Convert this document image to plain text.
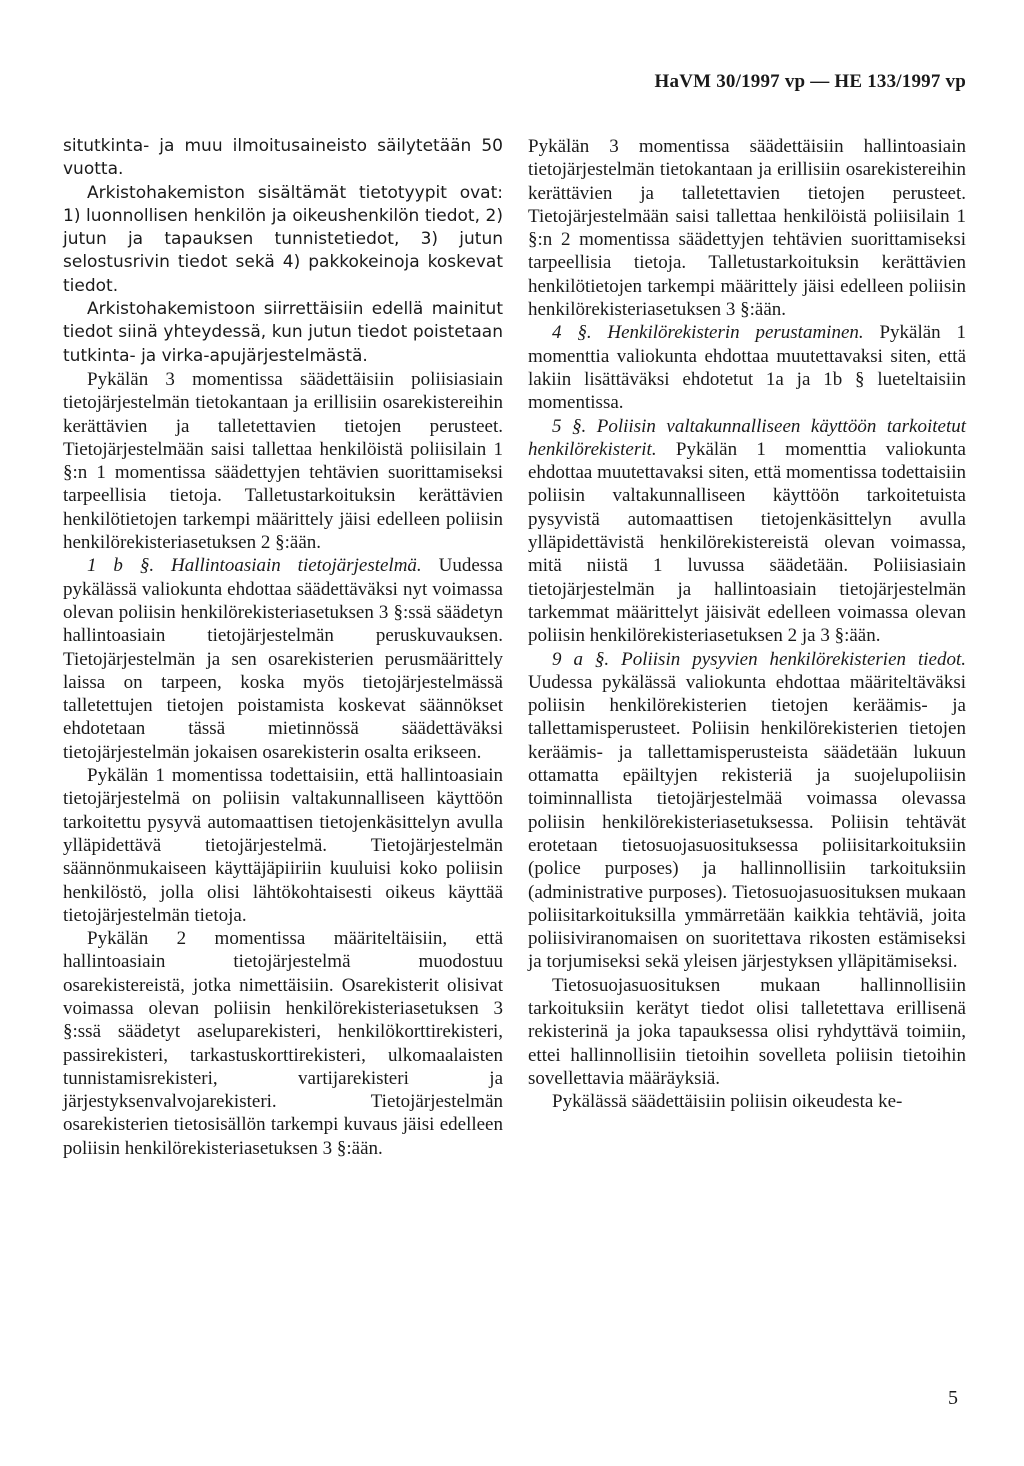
HaVM 30/1997 vp — HE 133/1997 vp

situtkinta- ja muu ilmoitusaineisto säilytetään 50 vuotta.

Arkistohakemiston sisältämät tietotyypit ovat: 1) luonnollisen henkilön ja oikeushenkilön tiedot, 2) jutun ja tapauksen tunnistetiedot, 3) jutun selostusrivin tiedot sekä 4) pakkokeinoja koskevat tiedot.

Arkistohakemistoon siirrettäisiin edellä mainitut tiedot siinä yhteydessä, kun jutun tiedot poistetaan tutkinta- ja virka-apujärjestelmästä.

Pykälän 3 momentissa säädettäisiin poliisiasiain tietojärjestelmän tietokantaan ja erillisiin osarekistereihin kerättävien ja talletettavien tietojen perusteet. Tietojärjestelmään saisi tallettaa henkilöistä poliisilain 1 §:n 1 momentissa säädettyjen tehtävien suorittamiseksi tarpeellisia tietoja. Talletustarkoituksin kerättävien henkilötietojen tarkempi määrittely jäisi edelleen poliisin henkilörekisteriasetuksen 2 §:ään.

1 b §. Hallintoasiain tietojärjestelmä. Uudessa pykälässä valiokunta ehdottaa säädettäväksi nyt voimassa olevan poliisin henkilörekisteriasetuksen 3 §:ssä säädetyn hallintoasiain tietojärjestelmän peruskuvauksen. Tietojärjestelmän ja sen osarekisterien perusmäärittely laissa on tarpeen, koska myös tietojärjestelmässä talletettujen tietojen poistamista koskevat säännökset ehdotetaan tässä mietinnössä säädettäväksi tietojärjestelmän jokaisen osarekisterin osalta erikseen.

Pykälän 1 momentissa todettaisiin, että hallintoasiain tietojärjestelmä on poliisin valtakunnalliseen käyttöön tarkoitettu pysyvä automaattisen tietojenkäsittelyn avulla ylläpidettävä tietojärjestelmä. Tietojärjestelmän säännönmukaiseen käyttäjäpiiriin kuuluisi koko poliisin henkilöstö, jolla olisi lähtökohtaisesti oikeus käyttää tietojärjestelmän tietoja.

Pykälän 2 momentissa määriteltäisiin, että hallintoasiain tietojärjestelmä muodostuu osarekistereistä, jotka nimettäisiin. Osarekisterit olisivat voimassa olevan poliisin henkilörekisteriasetuksen 3 §:ssä säädetyt aseluparekisteri, henkilökorttirekisteri, passirekisteri, tarkastuskorttirekisteri, ulkomaalaisten tunnistamisrekisteri, vartijarekisteri ja järjestyksenvalvojarekisteri. Tietojärjestelmän osarekisterien tietosisällön tarkempi kuvaus jäisi edelleen poliisin henkilörekisteriasetuksen 3 §:ään.

Pykälän 3 momentissa säädettäisiin hallintoasiain tietojärjestelmän tietokantaan ja erillisiin osarekistereihin kerättävien ja talletettavien tietojen perusteet. Tietojärjestelmään saisi tallettaa henkilöistä poliisilain 1 §:n 2 momentissa säädettyjen tehtävien suorittamiseksi tarpeellisia tietoja. Talletustarkoituksin kerättävien henkilötietojen tarkempi määrittely jäisi edelleen poliisin henkilörekisteriasetuksen 3 §:ään.

4 §. Henkilörekisterin perustaminen. Pykälän 1 momenttia valiokunta ehdottaa muutettavaksi siten, että lakiin lisättäväksi ehdotetut 1a ja 1b § lueteltaisiin momentissa.

5 §. Poliisin valtakunnalliseen käyttöön tarkoitetut henkilörekisterit. Pykälän 1 momenttia valiokunta ehdottaa muutettavaksi siten, että momentissa todettaisiin poliisin valtakunnalliseen käyttöön tarkoitetuista pysyvistä automaattisen tietojenkäsittelyn avulla ylläpidettävistä henkilörekistereistä olevan voimassa, mitä niistä 1 luvussa säädetään. Poliisiasiain tietojärjestelmän ja hallintoasiain tietojärjestelmän tarkemmat määrittelyt jäisivät edelleen voimassa olevan poliisin henkilörekisteriasetuksen 2 ja 3 §:ään.

9 a §. Poliisin pysyvien henkilörekisterien tiedot. Uudessa pykälässä valiokunta ehdottaa määriteltäväksi poliisin henkilörekisterien tietojen keräämis- ja tallettamisperusteet. Poliisin henkilörekisterien tietojen keräämis- ja tallettamisperusteista säädetään lukuun ottamatta epäiltyjen rekisteriä ja suojelupoliisin toiminnallista tietojärjestelmää voimassa olevassa poliisin henkilörekisteriasetuksessa. Poliisin tehtävät erotetaan tietosuojasuosituksessa poliisitarkoituksiin (police purposes) ja hallinnollisiin tarkoituksiin (administrative purposes). Tietosuojasuosituksen mukaan poliisitarkoituksilla ymmärretään kaikkia tehtäviä, joita poliisiviranomaisen on suoritettava rikosten estämiseksi ja torjumiseksi sekä yleisen järjestyksen ylläpitämiseksi.

Tietosuojasuosituksen mukaan hallinnollisiin tarkoituksiin kerätyt tiedot olisi talletettava erillisenä rekisterinä ja joka tapauksessa olisi ryhdyttävä toimiin, ettei hallinnollisiin tietoihin sovelleta poliisin tietoihin sovellettavia määräyksiä.

Pykälässä säädettäisiin poliisin oikeudesta ke-

5
